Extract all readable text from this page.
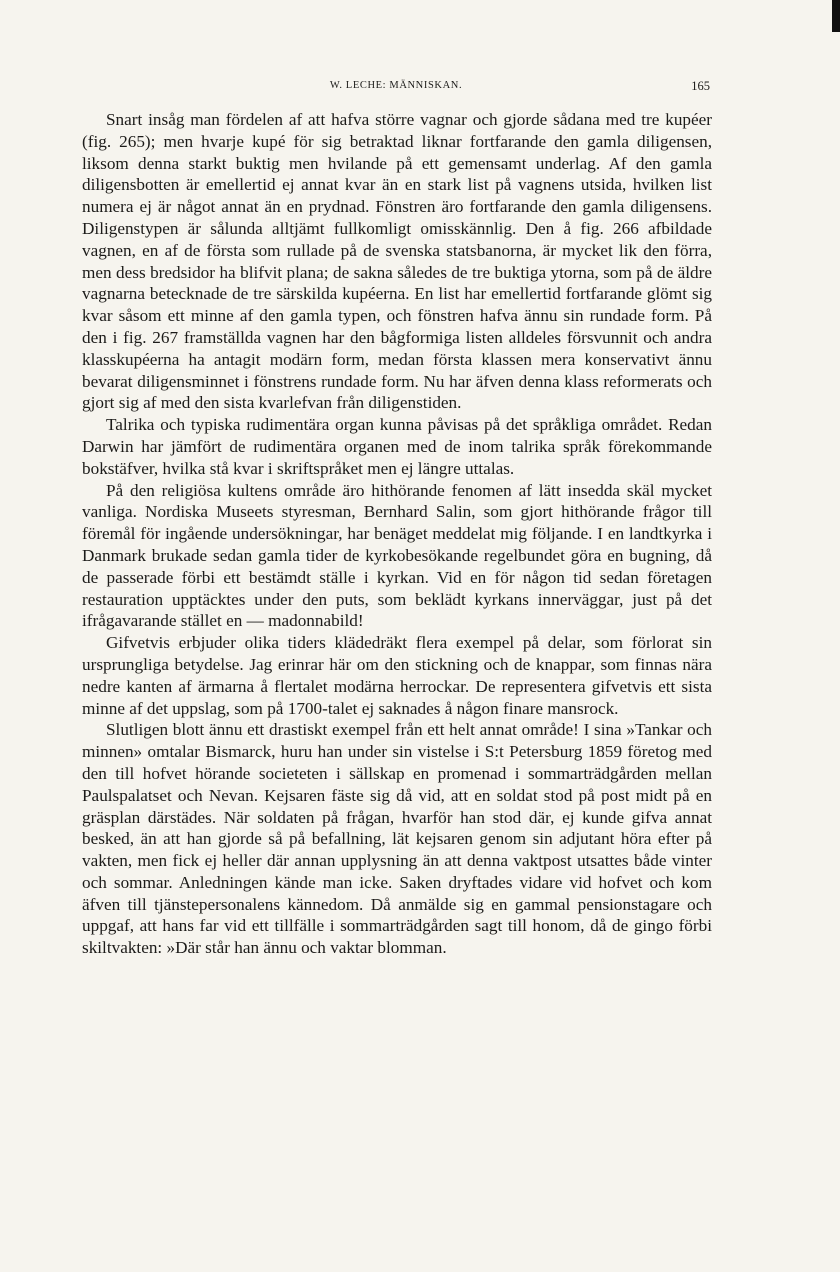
W. LECHE: MÄNNISKAN.	165

Snart insåg man fördelen af att hafva större vagnar och gjorde sådana med tre kupéer (fig. 265); men hvarje kupé för sig betraktad liknar fortfarande den gamla diligensen, liksom denna starkt buktig men hvilande på ett gemensamt underlag. Af den gamla diligensbotten är emellertid ej annat kvar än en stark list på vagnens utsida, hvilken list numera ej är något annat än en prydnad. Fönstren äro fortfarande den gamla diligensens. Diligenstypen är sålunda alltjämt fullkomligt omisskännlig. Den å fig. 266 afbildade vagnen, en af de första som rullade på de svenska statsbanorna, är mycket lik den förra, men dess bredsidor ha blifvit plana; de sakna således de tre buktiga ytorna, som på de äldre vagnarna betecknade de tre särskilda kupéerna. En list har emellertid fortfarande glömt sig kvar såsom ett minne af den gamla typen, och fönstren hafva ännu sin rundade form. På den i fig. 267 framställda vagnen har den bågformiga listen alldeles försvunnit och andra klasskupéerna ha antagit modärn form, medan första klassen mera konservativt ännu bevarat diligensminnet i fönstrens rundade form. Nu har äfven denna klass reformerats och gjort sig af med den sista kvarlefvan från diligenstiden.

Talrika och typiska rudimentära organ kunna påvisas på det språkliga området. Redan Darwin har jämfört de rudimentära organen med de inom talrika språk förekommande bokstäfver, hvilka stå kvar i skriftspråket men ej längre uttalas.

På den religiösa kultens område äro hithörande fenomen af lätt insedda skäl mycket vanliga. Nordiska Museets styresman, Bernhard Salin, som gjort hithörande frågor till föremål för ingående undersökningar, har benäget meddelat mig följande. I en landtkyrka i Danmark brukade sedan gamla tider de kyrkobesökande regelbundet göra en bugning, då de passerade förbi ett bestämdt ställe i kyrkan. Vid en för någon tid sedan företagen restauration upptäcktes under den puts, som beklädt kyrkans innerväggar, just på det ifrågavarande stället en — madonnabild!

Gifvetvis erbjuder olika tiders klädedräkt flera exempel på delar, som förlorat sin ursprungliga betydelse. Jag erinrar här om den stickning och de knappar, som finnas nära nedre kanten af ärmarna å flertalet modärna herrockar. De representera gifvetvis ett sista minne af det uppslag, som på 1700-talet ej saknades å någon finare mansrock.

Slutligen blott ännu ett drastiskt exempel från ett helt annat område! I sina »Tankar och minnen» omtalar Bismarck, huru han under sin vistelse i S:t Petersburg 1859 företog med den till hofvet hörande societeten i sällskap en promenad i sommarträdgården mellan Paulspalatset och Nevan. Kejsaren fäste sig då vid, att en soldat stod på post midt på en gräsplan därstädes. När soldaten på frågan, hvarför han stod där, ej kunde gifva annat besked, än att han gjorde så på befallning, lät kejsaren genom sin adjutant höra efter på vakten, men fick ej heller där annan upplysning än att denna vaktpost utsattes både vinter och sommar. Anledningen kände man icke. Saken dryftades vidare vid hofvet och kom äfven till tjänstepersonalens kännedom. Då anmälde sig en gammal pensionstagare och uppgaf, att hans far vid ett tillfälle i sommarträdgården sagt till honom, då de gingo förbi skiltvakten: »Där står han ännu och vaktar blomman.
